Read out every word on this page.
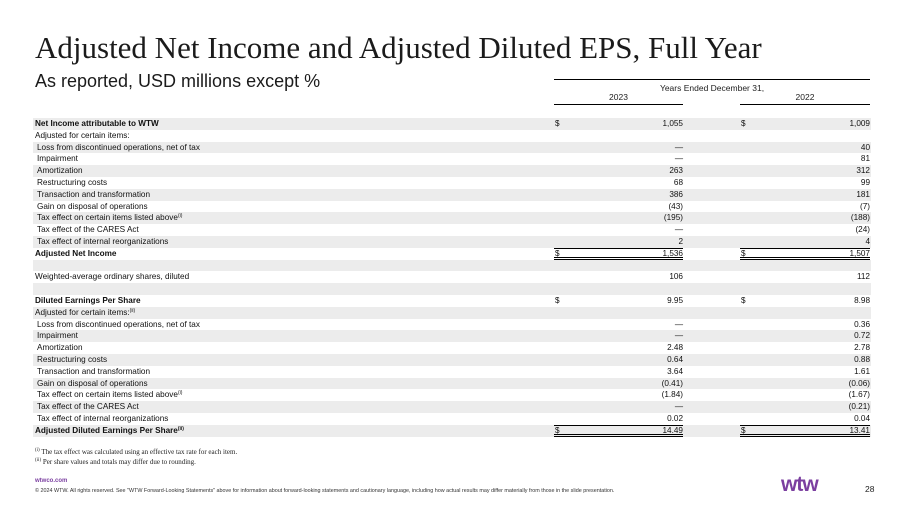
Adjusted Net Income and Adjusted Diluted EPS, Full Year
As reported, USD millions except %	Years Ended December 31,
2023	2022
Net Income attributable to WTW	$	1,055	$	1,009
Adjusted for certain items:
Loss from discontinued operations, net of tax	—	40
Impairment	—	81
Amortization	263	312
Restructuring costs	68	99
Transaction and transformation	386	181
Gain on disposal of operations	(43)	(7)
Tax effect on certain items listed above$^{(i)}$	(195)	(188)
Tax effect of the CARES Act	—	(24)
Tax effect of internal reorganizations	2	4
Adjusted Net Income	$	1,536	$	1,507
Weighted-average ordinary shares, diluted	106	112
Diluted Earnings Per Share	$	9.95	$	8.98
Adjusted for certain items:$^{(ii)}$
Loss from discontinued operations, net of tax	—	0.36
Impairment	—	0.72
Amortization	2.48	2.78
Restructuring costs	0.64	0.88
Transaction and transformation	3.64	1.61
Gain on disposal of operations	(0.41)	(0.06)
Tax effect on certain items listed above$^{(i)}$	(1.84)	(1.67)
Tax effect of the CARES Act	—	(0.21)
Tax effect of internal reorganizations	0.02	0.04
Adjusted Diluted Earnings Per Share$^{(ii)}$	$	14.49	$	13.41
$^{(i)}$ The tax effect was calculated using an effective tax rate for each item.
$^{(ii)}$ Per share values and totals may differ due to rounding.
wtwco.com
© 2024 WTW. All rights reserved. See "WTW Forward-Looking Statements" above for information about forward-looking statements and cautionary language, including how actual results may differ materially from those in the slide presentation.	wtw	28
